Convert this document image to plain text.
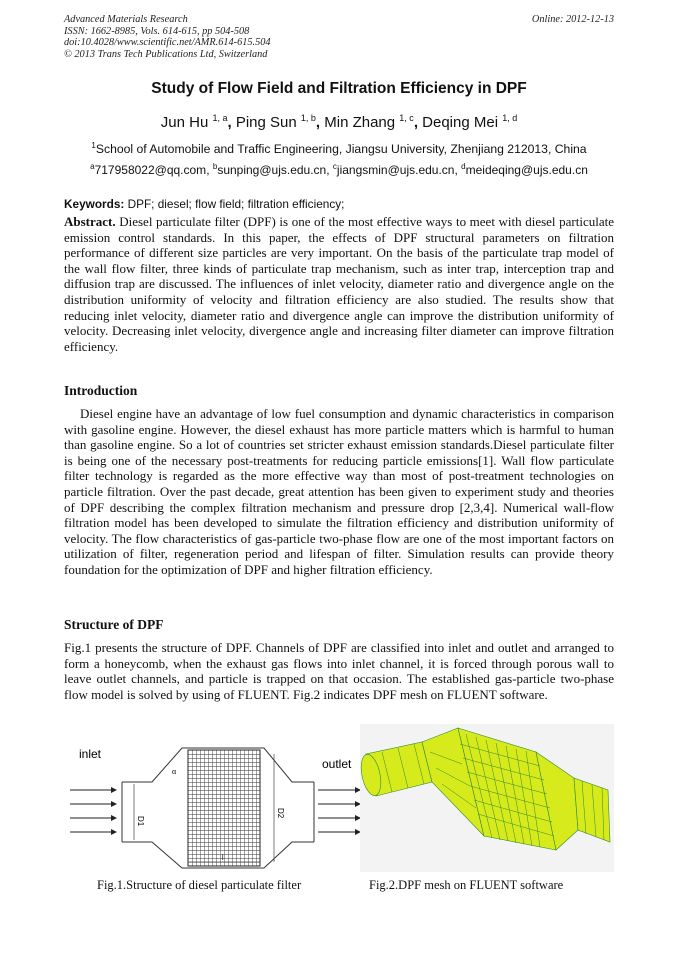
Advanced Materials Research
ISSN: 1662-8985, Vols. 614-615, pp 504-508
doi:10.4028/www.scientific.net/AMR.614-615.504
© 2013 Trans Tech Publications Ltd, Switzerland
Online: 2012-12-13
Study of Flow Field and Filtration Efficiency in DPF
Jun Hu $^{1, a}$, Ping Sun $^{1, b}$, Min Zhang $^{1, c}$, Deqing Mei $^{1, d}$
$^1$School of Automobile and Traffic Engineering, Jiangsu University, Zhenjiang 212013, China
$^a$717958022@qq.com, $^b$sunping@ujs.edu.cn, $^c$jiangsmin@ujs.edu.cn, $^d$meideqing@ujs.edu.cn
Keywords: DPF; diesel; flow field; filtration efficiency;
Abstract. Diesel particulate filter (DPF) is one of the most effective ways to meet with diesel particulate emission control standards. In this paper, the effects of DPF structural parameters on filtration performance of different size particles are very important. On the basis of the particulate trap model of the wall flow filter, three kinds of particulate trap mechanism, such as inter trap, interception trap and diffusion trap are discussed. The influences of inlet velocity, diameter ratio and divergence angle on the distribution uniformity of velocity and filtration efficiency are also studied. The results show that reducing inlet velocity, diameter ratio and divergence angle can improve the distribution uniformity of velocity. Decreasing inlet velocity, divergence angle and increasing filter diameter can improve filtration efficiency.
Introduction
Diesel engine have an advantage of low fuel consumption and dynamic characteristics in comparison with gasoline engine. However, the diesel exhaust has more particle matters which is harmful to human than gasoline engine. So a lot of countries set stricter exhaust emission standards.Diesel particulate filter is being one of the necessary post-treatments for reducing particle emissions[1]. Wall flow particulate filter technology is regarded as the more effective way than most of post-treatment technologies on particle filtration. Over the past decade, great attention has been given to experiment study and theories of DPF describing the complex filtration mechanism and pressure drop [2,3,4]. Numerical wall-flow filtration model has been developed to simulate the filtration efficiency and distribution uniformity of velocity. The flow characteristics of gas-particle two-phase flow are one of the most important factors on utilization of filter, regeneration period and lifespan of filter. Simulation results can provide theory foundation for the optimization of DPF and higher filtration efficiency.
Structure of DPF
Fig.1 presents the structure of DPF. Channels of DPF are classified into inlet and outlet and arranged to form a honeycomb, when the exhaust gas flows into inlet channel, it is forced through porous wall to leave outlet channels, and particle is trapped on that occasion. The established gas-particle two-phase flow model is solved by using of FLUENT. Fig.2 indicates DPF mesh on FLUENT software.
inlet
outlet
D1
D2
α
l
Fig.1.Structure of diesel particulate filter	Fig.2.DPF mesh on FLUENT software
